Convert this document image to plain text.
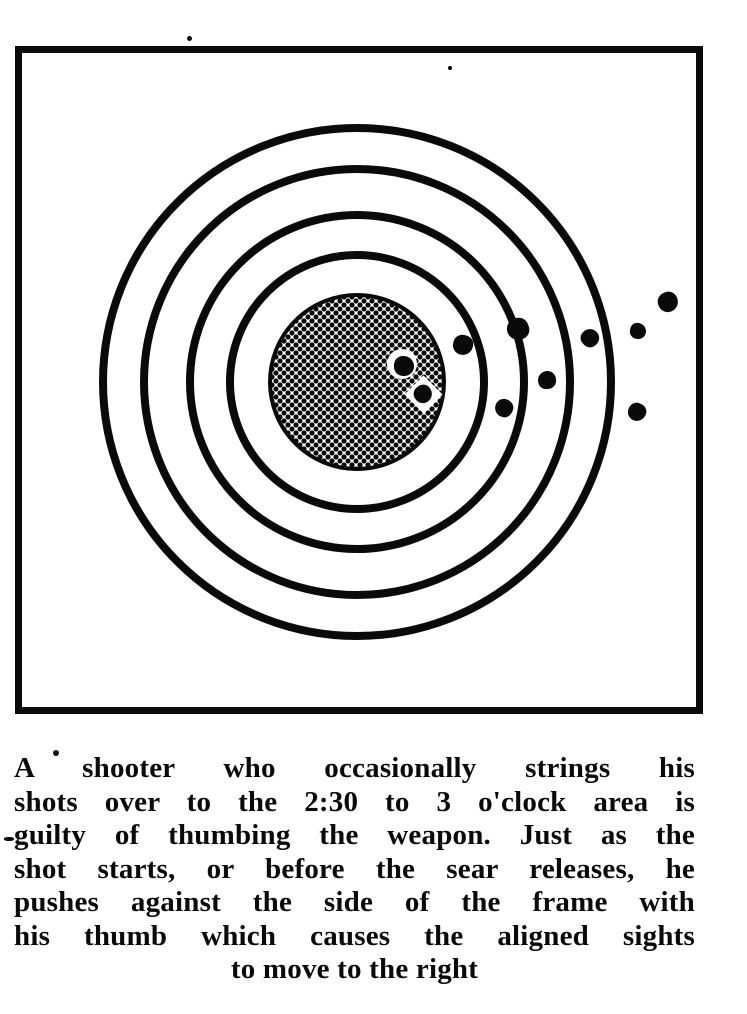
A shooter who occasionally strings his
shots over to the 2:30 to 3 o'clock area is
guilty of thumbing the weapon. Just as the
shot starts, or before the sear releases, he
pushes against the side of the frame with
his thumb which causes the aligned sights
to move to the right
